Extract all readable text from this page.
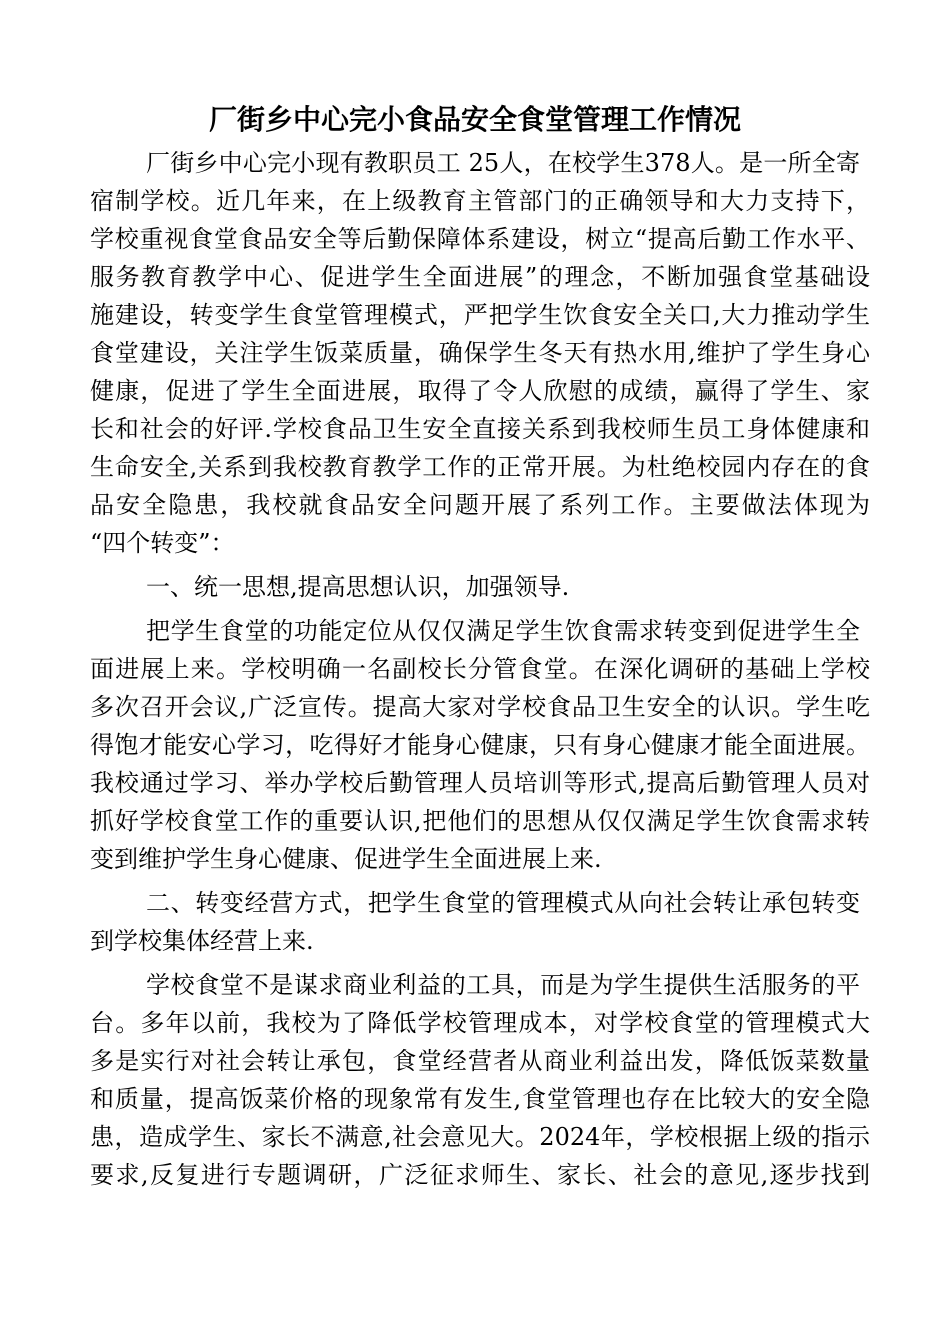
厂街乡中心完小食品安全食堂管理工作情况
厂街乡中心完小现有教职员工 25人，在校学生378人。是一所全寄
宿制学校。近几年来，在上级教育主管部门的正确领导和大力支持下，
学校重视食堂食品安全等后勤保障体系建设，树立“提高后勤工作水平、
服务教育教学中心、促进学生全面进展”的理念，不断加强食堂基础设
施建设，转变学生食堂管理模式，严把学生饮食安全关口,大力推动学生
食堂建设，关注学生饭菜质量，确保学生冬天有热水用,维护了学生身心
健康，促进了学生全面进展，取得了令人欣慰的成绩，赢得了学生、家
长和社会的好评.学校食品卫生安全直接关系到我校师生员工身体健康和
生命安全,关系到我校教育教学工作的正常开展。为杜绝校园内存在的食
品安全隐患，我校就食品安全问题开展了系列工作。主要做法体现为
“四个转变”：
一、统一思想,提高思想认识，加强领导.
把学生食堂的功能定位从仅仅满足学生饮食需求转变到促进学生全
面进展上来。学校明确一名副校长分管食堂。在深化调研的基础上学校
多次召开会议,广泛宣传。提高大家对学校食品卫生安全的认识。学生吃
得饱才能安心学习，吃得好才能身心健康，只有身心健康才能全面进展。
我校通过学习、举办学校后勤管理人员培训等形式,提高后勤管理人员对
抓好学校食堂工作的重要认识,把他们的思想从仅仅满足学生饮食需求转
变到维护学生身心健康、促进学生全面进展上来.
二、转变经营方式，把学生食堂的管理模式从向社会转让承包转变
到学校集体经营上来.
学校食堂不是谋求商业利益的工具，而是为学生提供生活服务的平
台。多年以前，我校为了降低学校管理成本，对学校食堂的管理模式大
多是实行对社会转让承包，食堂经营者从商业利益出发，降低饭菜数量
和质量，提高饭菜价格的现象常有发生,食堂管理也存在比较大的安全隐
患，造成学生、家长不满意,社会意见大。2024年，学校根据上级的指示
要求,反复进行专题调研，广泛征求师生、家长、社会的意见,逐步找到
